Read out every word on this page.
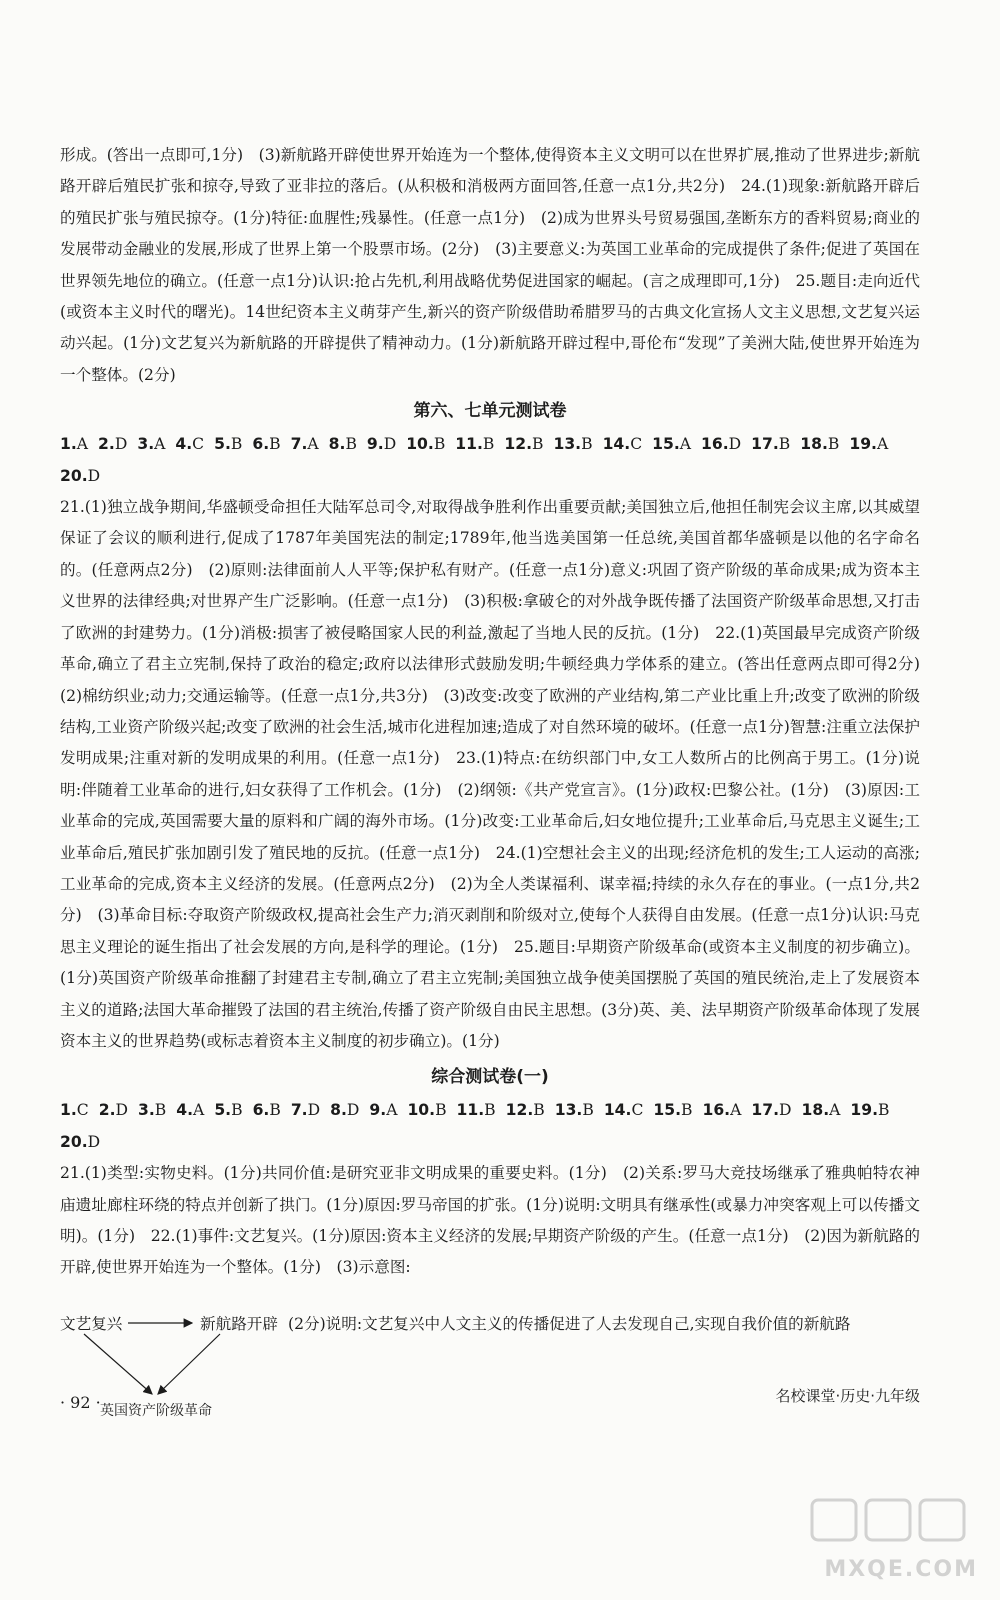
形成。(答出一点即可,1分)　(3)新航路开辟使世界开始连为一个整体,使得资本主义文明可以在世界扩展,推动了世界进步;新航路开辟后殖民扩张和掠夺,导致了亚非拉的落后。(从积极和消极两方面回答,任意一点1分,共2分)　24.(1)现象:新航路开辟后的殖民扩张与殖民掠夺。(1分)特征:血腥性;残暴性。(任意一点1分)　(2)成为世界头号贸易强国,垄断东方的香料贸易;商业的发展带动金融业的发展,形成了世界上第一个股票市场。(2分)　(3)主要意义:为英国工业革命的完成提供了条件;促进了英国在世界领先地位的确立。(任意一点1分)认识:抢占先机,利用战略优势促进国家的崛起。(言之成理即可,1分)　25.题目:走向近代(或资本主义时代的曙光)。14世纪资本主义萌芽产生,新兴的资产阶级借助希腊罗马的古典文化宣扬人文主义思想,文艺复兴运动兴起。(1分)文艺复兴为新航路的开辟提供了精神动力。(1分)新航路开辟过程中,哥伦布“发现”了美洲大陆,使世界开始连为一个整体。(2分)

第六、七单元测试卷
1.A 2.D 3.A 4.C 5.B 6.B 7.A 8.B 9.D 10.B 11.B 12.B 13.B 14.C 15.A 16.D 17.B 18.B 19.A20.D

21.(1)独立战争期间,华盛顿受命担任大陆军总司令,对取得战争胜利作出重要贡献;美国独立后,他担任制宪会议主席,以其威望保证了会议的顺利进行,促成了1787年美国宪法的制定;1789年,他当选美国第一任总统,美国首都华盛顿是以他的名字命名的。(任意两点2分)　(2)原则:法律面前人人平等;保护私有财产。(任意一点1分)意义:巩固了资产阶级的革命成果;成为资本主义世界的法律经典;对世界产生广泛影响。(任意一点1分)　(3)积极:拿破仑的对外战争既传播了法国资产阶级革命思想,又打击了欧洲的封建势力。(1分)消极:损害了被侵略国家人民的利益,激起了当地人民的反抗。(1分)　22.(1)英国最早完成资产阶级革命,确立了君主立宪制,保持了政治的稳定;政府以法律形式鼓励发明;牛顿经典力学体系的建立。(答出任意两点即可得2分)　(2)棉纺织业;动力;交通运输等。(任意一点1分,共3分)　(3)改变:改变了欧洲的产业结构,第二产业比重上升;改变了欧洲的阶级结构,工业资产阶级兴起;改变了欧洲的社会生活,城市化进程加速;造成了对自然环境的破坏。(任意一点1分)智慧:注重立法保护发明成果;注重对新的发明成果的利用。(任意一点1分)　23.(1)特点:在纺织部门中,女工人数所占的比例高于男工。(1分)说明:伴随着工业革命的进行,妇女获得了工作机会。(1分)　(2)纲领:《共产党宣言》。(1分)政权:巴黎公社。(1分)　(3)原因:工业革命的完成,英国需要大量的原料和广阔的海外市场。(1分)改变:工业革命后,妇女地位提升;工业革命后,马克思主义诞生;工业革命后,殖民扩张加剧引发了殖民地的反抗。(任意一点1分)　24.(1)空想社会主义的出现;经济危机的发生;工人运动的高涨;工业革命的完成,资本主义经济的发展。(任意两点2分)　(2)为全人类谋福利、谋幸福;持续的永久存在的事业。(一点1分,共2分)　(3)革命目标:夺取资产阶级政权,提高社会生产力;消灭剥削和阶级对立,使每个人获得自由发展。(任意一点1分)认识:马克思主义理论的诞生指出了社会发展的方向,是科学的理论。(1分)　25.题目:早期资产阶级革命(或资本主义制度的初步确立)。(1分)英国资产阶级革命推翻了封建君主专制,确立了君主立宪制;美国独立战争使美国摆脱了英国的殖民统治,走上了发展资本主义的道路;法国大革命摧毁了法国的君主统治,传播了资产阶级自由民主思想。(3分)英、美、法早期资产阶级革命体现了发展资本主义的世界趋势(或标志着资本主义制度的初步确立)。(1分)

综合测试卷(一)
1.C 2.D 3.B 4.A 5.B 6.B 7.D 8.D 9.A 10.B 11.B 12.B 13.B 14.C 15.B 16.A 17.D 18.A 19.B20.D

21.(1)类型:实物史料。(1分)共同价值:是研究亚非文明成果的重要史料。(1分)　(2)关系:罗马大竞技场继承了雅典帕特农神庙遗址廊柱环绕的特点并创新了拱门。(1分)原因:罗马帝国的扩张。(1分)说明:文明具有继承性(或暴力冲突客观上可以传播文明)。(1分)　22.(1)事件:文艺复兴。(1分)原因:资本主义经济的发展;早期资产阶级的产生。(任意一点1分)　(2)因为新航路的开辟,使世界开始连为一个整体。(1分)　(3)示意图:

文艺复兴	新航路开辟 (2分)说明:文艺复兴中人文主义的传播促进了人去发现自己,实现自我价值的新航路
英国资产阶级革命
· 92 ·	名校课堂·历史·九年级
MXQE.COM
